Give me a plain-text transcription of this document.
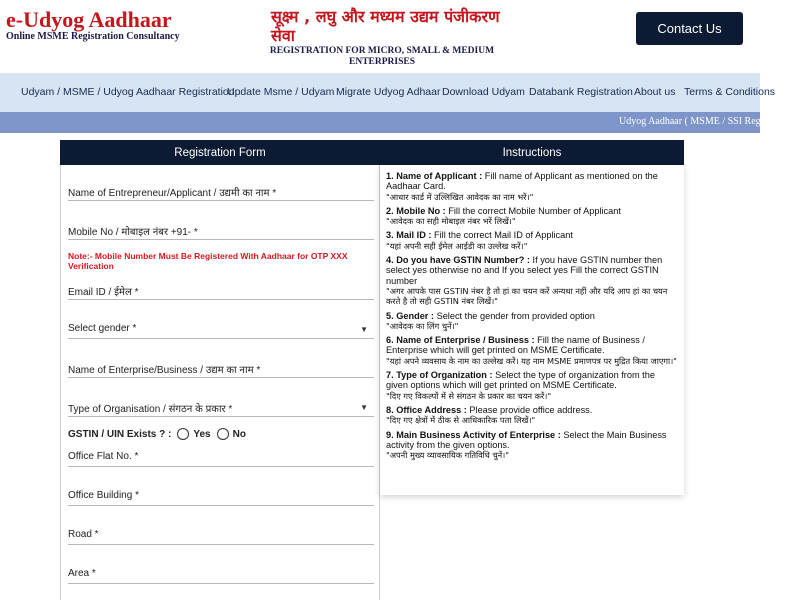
e-Udyog Aadhaar
Online MSME Registration Consultancy
सूक्ष्म , लघु और मध्यम उद्यम पंजीकरण सेवा
REGISTRATION FOR MICRO, SMALL & MEDIUM ENTERPRISES
Contact Us
Udyam / MSME / Udyog Aadhaar Registration
Update Msme / Udyam Migrate Udyog Adhaar Download Udyam Databank Registration About us Terms & Conditions
Udyog Aadhaar ( MSME / SSI Registration )
Registration Form	Instructions
Name of Entrepreneur/Applicant / उद्यमी का नाम *
Mobile No / मोबाइल नंबर +91- *
Note:- Mobile Number Must Be Registered With Aadhaar for OTP XXX Verification
Email ID / ईमेल *
Select gender *	▼
Name of Enterprise/Business / उद्यम का नाम *
Type of Organisation / संगठन के प्रकार *	▼
GSTIN / UIN Exists ? : Yes No
Office Flat No. *
Office Building *
Road *
Area *
1. Name of Applicant : Fill name of Applicant as mentioned on the Aadhaar Card.
"आधार कार्ड में उल्लिखित आवेदक का नाम भरें।"
2. Mobile No : Fill the correct Mobile Number of Applicant
"आवेदक का सही मोबाइल नंबर भरें लिखें।"
3. Mail ID : Fill the correct Mail ID of Applicant
"यहां अपनी सही ईमेल आईडी का उल्लेख करें।"
4. Do you have GSTIN Number? : If you have GSTIN number then select yes otherwise no and If you select yes Fill the correct GSTIN number
"अगर आपके पास GSTIN नंबर है तो हां का चयन करें अन्यथा नहीं और यदि आप हां का चयन करते है तो सही GSTIN नंबर लिखें।"
5. Gender : Select the gender from provided option
"आवेदक का लिंग चुनें।"
6. Name of Enterprise / Business : Fill the name of Business / Enterprise which will get printed on MSME Certificate.
"यहां अपने व्यवसाय के नाम का उल्लेख करें। यह नाम MSME प्रमाणपत्र पर मुद्रित किया जाएगा।"
7. Type of Organization : Select the type of organization from the given options which will get printed on MSME Certificate.
"दिए गए विकल्पों में से संगठन के प्रकार का चयन करें।"
8. Office Address : Please provide office address.
"दिए गए क्षेत्रों में ठीक से आधिकारिक पता लिखें।"
9. Main Business Activity of Enterprise : Select the Main Business activity from the given options.
"अपनी मुख्य व्यावसायिक गतिविधि चुनें।"
